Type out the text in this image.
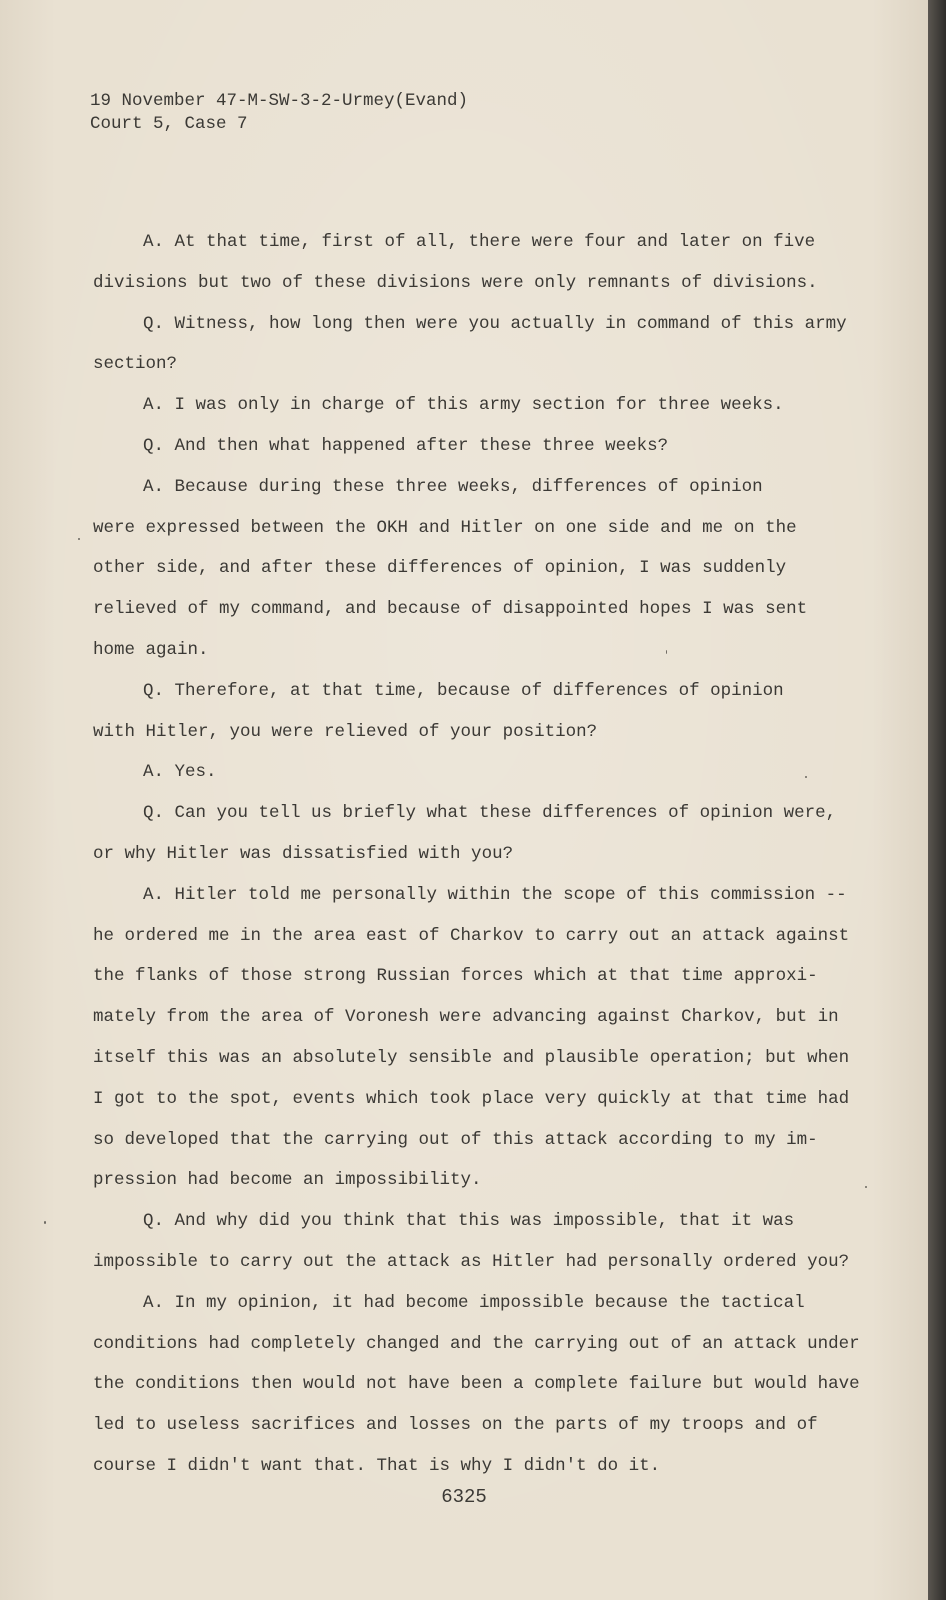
19 November 47-M-SW-3-2-Urmey(Evand)
Court 5, Case 7

A. At that time, first of all, there were four and later on five

divisions but two of these divisions were only remnants of divisions.

Q. Witness, how long then were you actually in command of this army

section?

A. I was only in charge of this army section for three weeks.

Q. And then what happened after these three weeks?

A. Because during these three weeks, differences of opinion

were expressed between the OKH and Hitler on one side and me on the

other side, and after these differences of opinion, I was suddenly

relieved of my command, and because of disappointed hopes I was sent

home again.

Q. Therefore, at that time, because of differences of opinion

with Hitler, you were relieved of your position?

A. Yes.

Q. Can you tell us briefly what these differences of opinion were,

or why Hitler was dissatisfied with you?

A. Hitler told me personally within the scope of this commission --

he ordered me in the area east of Charkov to carry out an attack against

the flanks of those strong Russian forces which at that time approxi-

mately from the area of Voronesh were advancing against Charkov, but in

itself this was an absolutely sensible and plausible operation; but when

I got to the spot, events which took place very quickly at that time had

so developed that the carrying out of this attack according to my im-

pression had become an impossibility.

Q. And why did you think that this was impossible, that it was

impossible to carry out the attack as Hitler had personally ordered you?

A. In my opinion, it had become impossible because the tactical

conditions had completely changed and the carrying out of an attack under

the conditions then would not have been a complete failure but would have

led to useless sacrifices and losses on the parts of my troops and of

course I didn't want that. That is why I didn't do it.

6325
